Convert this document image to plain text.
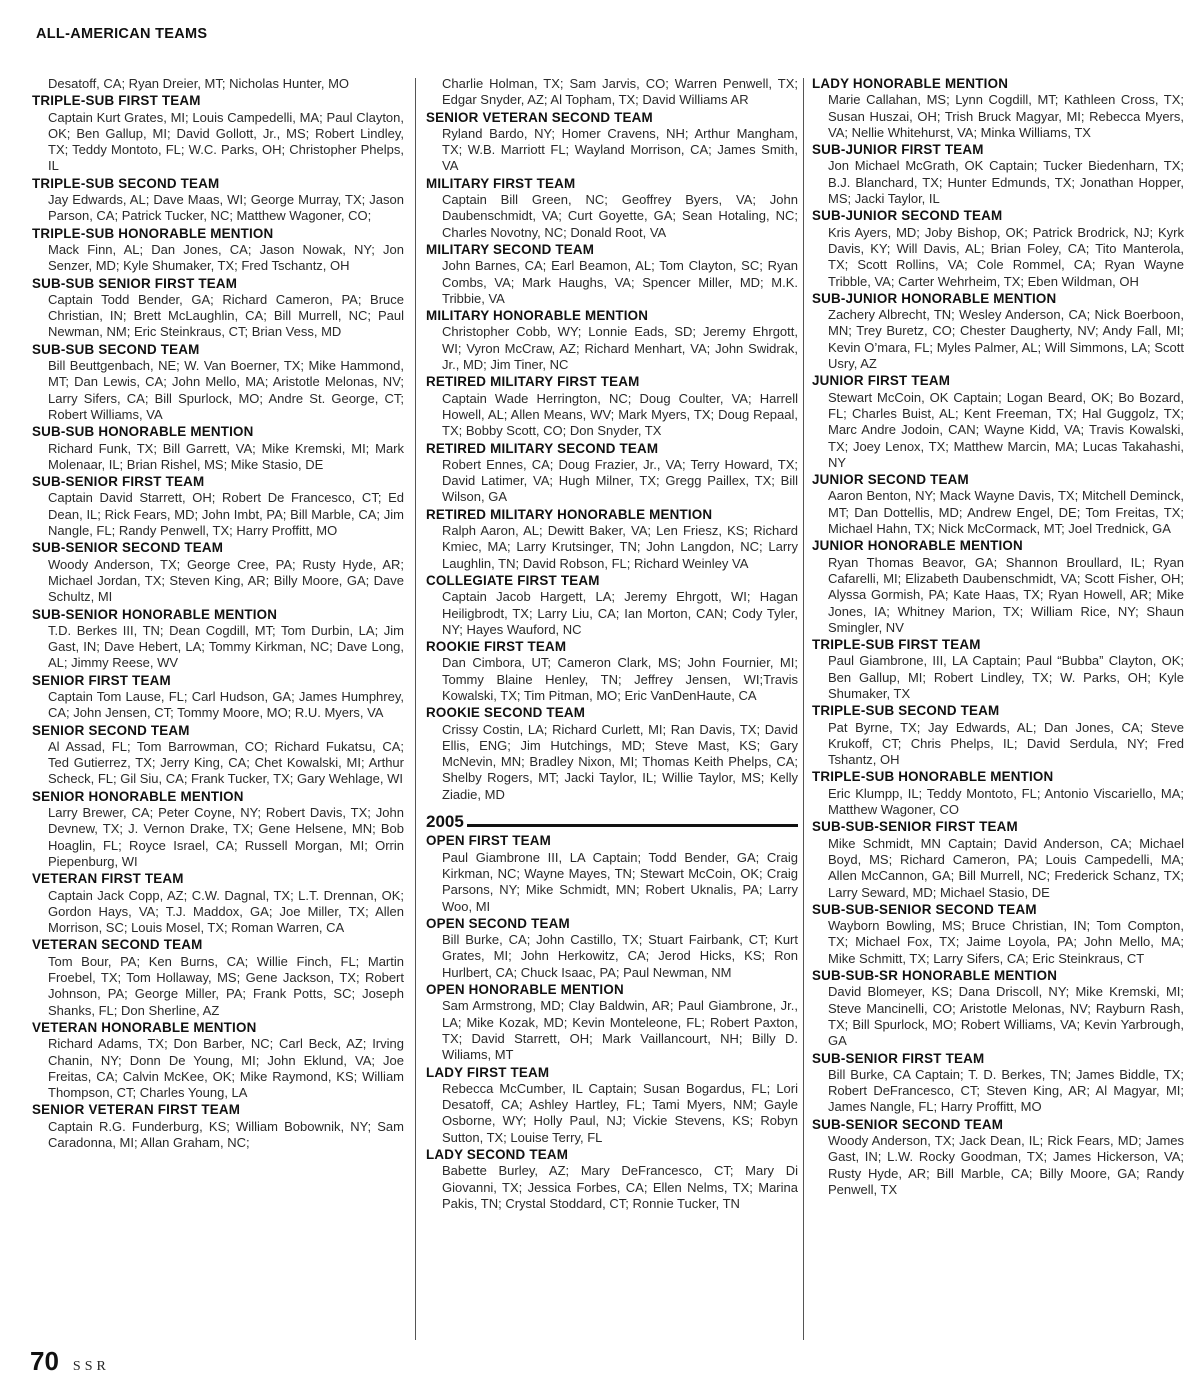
ALL-AMERICAN TEAMS
Desatoff, CA; Ryan Dreier, MT; Nicholas Hunter, MO
TRIPLE-SUB FIRST TEAM
Captain Kurt Grates, MI; Louis Campedelli, MA; Paul Clayton, OK; Ben Gallup, MI; David Gollott, Jr., MS; Robert Lindley, TX; Teddy Montoto, FL; W.C. Parks, OH; Christopher Phelps, IL
TRIPLE-SUB SECOND TEAM
Jay Edwards, AL; Dave Maas, WI; George Murray, TX; Jason Parson, CA; Patrick Tucker, NC; Matthew Wagoner, CO;
TRIPLE-SUB HONORABLE MENTION
Mack Finn, AL; Dan Jones, CA; Jason Nowak, NY; Jon Senzer, MD; Kyle Shumaker, TX; Fred Tschantz, OH
SUB-SUB SENIOR FIRST TEAM
Captain Todd Bender, GA; Richard Cameron, PA; Bruce Christian, IN; Brett McLaughlin, CA; Bill Murrell, NC; Paul Newman, NM; Eric Steinkraus, CT; Brian Vess, MD
SUB-SUB SECOND TEAM
Bill Beuttgenbach, NE; W. Van Boerner, TX; Mike Hammond, MT; Dan Lewis, CA; John Mello, MA; Aristotle Melonas, NV; Larry Sifers, CA; Bill Spurlock, MO; Andre St. George, CT; Robert Williams, VA
SUB-SUB HONORABLE MENTION
Richard Funk, TX; Bill Garrett, VA; Mike Kremski, MI; Mark Molenaar, IL; Brian Rishel, MS; Mike Stasio, DE
SUB-SENIOR FIRST TEAM
Captain David Starrett, OH; Robert De Francesco, CT; Ed Dean, IL; Rick Fears, MD; John Imbt, PA; Bill Marble, CA; Jim Nangle, FL; Randy Penwell, TX; Harry Proffitt, MO
SUB-SENIOR SECOND TEAM
Woody Anderson, TX; George Cree, PA; Rusty Hyde, AR; Michael Jordan, TX; Steven King, AR; Billy Moore, GA; Dave Schultz, MI
SUB-SENIOR HONORABLE MENTION
T.D. Berkes III, TN; Dean Cogdill, MT; Tom Durbin, LA; Jim Gast, IN; Dave Hebert, LA; Tommy Kirkman, NC; Dave Long, AL; Jimmy Reese, WV
SENIOR FIRST TEAM
Captain Tom Lause, FL; Carl Hudson, GA; James Humphrey, CA; John Jensen, CT; Tommy Moore, MO; R.U. Myers, VA
SENIOR SECOND TEAM
Al Assad, FL; Tom Barrowman, CO; Richard Fukatsu, CA; Ted Gutierrez, TX; Jerry King, CA; Chet Kowalski, MI; Arthur Scheck, FL; Gil Siu, CA; Frank Tucker, TX; Gary Wehlage, WI
SENIOR HONORABLE MENTION
Larry Brewer, CA; Peter Coyne, NY; Robert Davis, TX; John Devnew, TX; J. Vernon Drake, TX; Gene Helsene, MN; Bob Hoaglin, FL; Royce Israel, CA; Russell Morgan, MI; Orrin Piepenburg, WI
VETERAN FIRST TEAM
Captain Jack Copp, AZ; C.W. Dagnal, TX; L.T. Drennan, OK; Gordon Hays, VA; T.J. Maddox, GA; Joe Miller, TX; Allen Morrison, SC; Louis Mosel, TX; Roman Warren, CA
VETERAN SECOND TEAM
Tom Bour, PA; Ken Burns, CA; Willie Finch, FL; Martin Froebel, TX; Tom Hollaway, MS; Gene Jackson, TX; Robert Johnson, PA; George Miller, PA; Frank Potts, SC; Joseph Shanks, FL; Don Sherline, AZ
VETERAN HONORABLE MENTION
Richard Adams, TX; Don Barber, NC; Carl Beck, AZ; Irving Chanin, NY; Donn De Young, MI; John Eklund, VA; Joe Freitas, CA; Calvin McKee, OK; Mike Raymond, KS; William Thompson, CT; Charles Young, LA
SENIOR VETERAN FIRST TEAM
Captain R.G. Funderburg, KS; William Bobownik, NY; Sam Caradonna, MI; Allan Graham, NC;
Charlie Holman, TX; Sam Jarvis, CO; Warren Penwell, TX; Edgar Snyder, AZ; Al Topham, TX; David Williams AR
SENIOR VETERAN SECOND TEAM
Ryland Bardo, NY; Homer Cravens, NH; Arthur Mangham, TX; W.B. Marriott FL; Wayland Morrison, CA; James Smith, VA
MILITARY FIRST TEAM
Captain Bill Green, NC; Geoffrey Byers, VA; John Daubenschmidt, VA; Curt Goyette, GA; Sean Hotaling, NC; Charles Novotny, NC; Donald Root, VA
MILITARY SECOND TEAM
John Barnes, CA; Earl Beamon, AL; Tom Clayton, SC; Ryan Combs, VA; Mark Haughs, VA; Spencer Miller, MD; M.K. Tribbie, VA
MILITARY HONORABLE MENTION
Christopher Cobb, WY; Lonnie Eads, SD; Jeremy Ehrgott, WI; Vyron McCraw, AZ; Richard Menhart, VA; John Swidrak, Jr., MD; Jim Tiner, NC
RETIRED MILITARY FIRST TEAM
Captain Wade Herrington, NC; Doug Coulter, VA; Harrell Howell, AL; Allen Means, WV; Mark Myers, TX; Doug Repaal, TX; Bobby Scott, CO; Don Snyder, TX
RETIRED MILITARY SECOND TEAM
Robert Ennes, CA; Doug Frazier, Jr., VA; Terry Howard, TX; David Latimer, VA; Hugh Milner, TX; Gregg Paillex, TX; Bill Wilson, GA
RETIRED MILITARY HONORABLE MENTION
Ralph Aaron, AL; Dewitt Baker, VA; Len Friesz, KS; Richard Kmiec, MA; Larry Krutsinger, TN; John Langdon, NC; Larry Laughlin, TN; David Robson, FL; Richard Weinley VA
COLLEGIATE FIRST TEAM
Captain Jacob Hargett, LA; Jeremy Ehrgott, WI; Hagan Heiligbrodt, TX; Larry Liu, CA; Ian Morton, CAN; Cody Tyler, NY; Hayes Wauford, NC
ROOKIE FIRST TEAM
Dan Cimbora, UT; Cameron Clark, MS; John Fournier, MI; Tommy Blaine Henley, TN; Jeffrey Jensen, WI;Travis Kowalski, TX; Tim Pitman, MO; Eric VanDenHaute, CA
ROOKIE SECOND TEAM
Crissy Costin, LA; Richard Curlett, MI; Ran Davis, TX; David Ellis, ENG; Jim Hutchings, MD; Steve Mast, KS; Gary McNevin, MN; Bradley Nixon, MI; Thomas Keith Phelps, CA; Shelby Rogers, MT; Jacki Taylor, IL; Willie Taylor, MS; Kelly Ziadie, MD
2005
OPEN FIRST TEAM
Paul Giambrone III, LA Captain; Todd Bender, GA; Craig Kirkman, NC; Wayne Mayes, TN; Stewart McCoin, OK; Craig Parsons, NY; Mike Schmidt, MN; Robert Uknalis, PA; Larry Woo, MI
OPEN SECOND TEAM
Bill Burke, CA; John Castillo, TX; Stuart Fairbank, CT; Kurt Grates, MI; John Herkowitz, CA; Jerod Hicks, KS; Ron Hurlbert, CA; Chuck Isaac, PA; Paul Newman, NM
OPEN HONORABLE MENTION
Sam Armstrong, MD; Clay Baldwin, AR; Paul Giambrone, Jr., LA; Mike Kozak, MD; Kevin Monteleone, FL; Robert Paxton, TX; David Starrett, OH; Mark Vaillancourt, NH; Billy D. Wiliams, MT
LADY FIRST TEAM
Rebecca McCumber, IL Captain; Susan Bogardus, FL; Lori Desatoff, CA; Ashley Hartley, FL; Tami Myers, NM; Gayle Osborne, WY; Holly Paul, NJ; Vickie Stevens, KS; Robyn Sutton, TX; Louise Terry, FL
LADY SECOND TEAM
Babette Burley, AZ; Mary DeFrancesco, CT; Mary Di Giovanni, TX; Jessica Forbes, CA; Ellen Nelms, TX; Marina Pakis, TN; Crystal Stoddard, CT; Ronnie Tucker, TN
LADY HONORABLE MENTION
Marie Callahan, MS; Lynn Cogdill, MT; Kathleen Cross, TX; Susan Huszai, OH; Trish Bruck Magyar, MI; Rebecca Myers, VA; Nellie Whitehurst, VA; Minka Williams, TX
SUB-JUNIOR FIRST TEAM
Jon Michael McGrath, OK Captain; Tucker Biedenharn, TX; B.J. Blanchard, TX; Hunter Edmunds, TX; Jonathan Hopper, MS; Jacki Taylor, IL
SUB-JUNIOR SECOND TEAM
Kris Ayers, MD; Joby Bishop, OK; Patrick Brodrick, NJ; Kyrk Davis, KY; Will Davis, AL; Brian Foley, CA; Tito Manterola, TX; Scott Rollins, VA; Cole Rommel, CA; Ryan Wayne Tribble, VA; Carter Wehrheim, TX; Eben Wildman, OH
SUB-JUNIOR HONORABLE MENTION
Zachery Albrecht, TN; Wesley Anderson, CA; Nick Boerboon, MN; Trey Buretz, CO; Chester Daugherty, NV; Andy Fall, MI; Kevin O’mara, FL; Myles Palmer, AL; Will Simmons, LA; Scott Usry, AZ
JUNIOR FIRST TEAM
Stewart McCoin, OK Captain; Logan Beard, OK; Bo Bozard, FL; Charles Buist, AL; Kent Freeman, TX; Hal Guggolz, TX; Marc Andre Jodoin, CAN; Wayne Kidd, VA; Travis Kowalski, TX; Joey Lenox, TX; Matthew Marcin, MA; Lucas Takahashi, NY
JUNIOR SECOND TEAM
Aaron Benton, NY; Mack Wayne Davis, TX; Mitchell Deminck, MT; Dan Dottellis, MD; Andrew Engel, DE; Tom Freitas, TX; Michael Hahn, TX; Nick McCormack, MT; Joel Trednick, GA
JUNIOR HONORABLE MENTION
Ryan Thomas Beavor, GA; Shannon Broullard, IL; Ryan Cafarelli, MI; Elizabeth Daubenschmidt, VA; Scott Fisher, OH; Alyssa Gormish, PA; Kate Haas, TX; Ryan Howell, AR; Mike Jones, IA; Whitney Marion, TX; William Rice, NY; Shaun Smingler, NV
TRIPLE-SUB FIRST TEAM
Paul Giambrone, III, LA Captain; Paul “Bubba” Clayton, OK; Ben Gallup, MI; Robert Lindley, TX; W. Parks, OH; Kyle Shumaker, TX
TRIPLE-SUB SECOND TEAM
Pat Byrne, TX; Jay Edwards, AL; Dan Jones, CA; Steve Krukoff, CT; Chris Phelps, IL; David Serdula, NY; Fred Tshantz, OH
TRIPLE-SUB HONORABLE MENTION
Eric Klumpp, IL; Teddy Montoto, FL; Antonio Viscariello, MA; Matthew Wagoner, CO
SUB-SUB-SENIOR FIRST TEAM
Mike Schmidt, MN Captain; David Anderson, CA; Michael Boyd, MS; Richard Cameron, PA; Louis Campedelli, MA; Allen McCannon, GA; Bill Murrell, NC; Frederick Schanz, TX; Larry Seward, MD; Michael Stasio, DE
SUB-SUB-SENIOR SECOND TEAM
Wayborn Bowling, MS; Bruce Christian, IN; Tom Compton, TX; Michael Fox, TX; Jaime Loyola, PA; John Mello, MA; Mike Schmitt, TX; Larry Sifers, CA; Eric Steinkraus, CT
SUB-SUB-SR HONORABLE MENTION
David Blomeyer, KS; Dana Driscoll, NY; Mike Kremski, MI; Steve Mancinelli, CO; Aristotle Melonas, NV; Rayburn Rash, TX; Bill Spurlock, MO; Robert Williams, VA; Kevin Yarbrough, GA
SUB-SENIOR FIRST TEAM
Bill Burke, CA Captain; T. D. Berkes, TN; James Biddle, TX; Robert DeFrancesco, CT; Steven King, AR; Al Magyar, MI; James Nangle, FL; Harry Proffitt, MO
SUB-SENIOR SECOND TEAM
Woody Anderson, TX; Jack Dean, IL; Rick Fears, MD; James Gast, IN; L.W. Rocky Goodman, TX; James Hickerson, VA; Rusty Hyde, AR; Bill Marble, CA; Billy Moore, GA; Randy Penwell, TX
70 SSR
